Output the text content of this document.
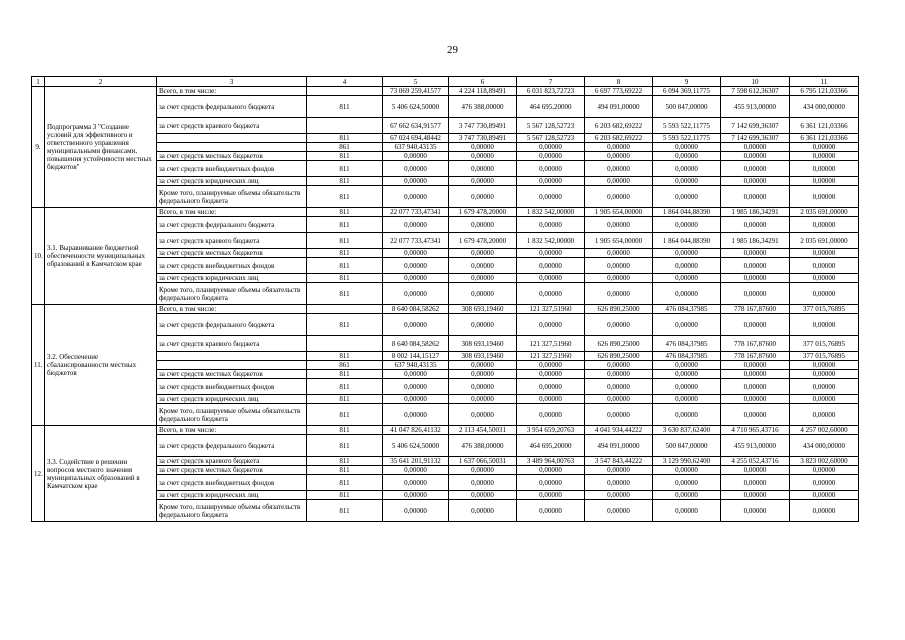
29
1	2	3	4	5	6	7	8	9	10	11
9.	Подпрограмма 3 "Создание условий для эффективного и ответственного управления муниципальными финансами, повышения устойчивости местных бюджетов"	Всего, в том числе:		73 069 259,41577	4 224 118,89491	6 031 823,72723	6 697 773,69222	6 094 369,11775	7 598 612,36307	6 795 121,03366
		за счет средств федерального бюджета	811	5 406 624,50000	476 388,00000	464 695,20000	494 091,00000	500 847,00000	455 913,00000	434 000,00000
		за счет средств краевого бюджета		67 662 634,91577	3 747 730,89491	5 567 128,52723	6 203 682,69222	5 593 522,11775	7 142 699,36307	6 361 121,03366
			811	67 024 694,48442	3 747 730,89491	5 567 128,52723	6 203 682,69222	5 593 522,11775	7 142 699,36307	6 361 121,03366
			861	637 940,43135	0,00000	0,00000	0,00000	0,00000	0,00000	0,00000
		за счет средств местных бюджетов	811	0,00000	0,00000	0,00000	0,00000	0,00000	0,00000	0,00000
		за счет средств внебюджетных фондов	811	0,00000	0,00000	0,00000	0,00000	0,00000	0,00000	0,00000
		за счет средств юридических лиц	811	0,00000	0,00000	0,00000	0,00000	0,00000	0,00000	0,00000
		Кроме того, планируемые объемы обязательств федерального бюджета	811	0,00000	0,00000	0,00000	0,00000	0,00000	0,00000	0,00000
10.	3.1. Выравнивание бюджетной обеспеченности муниципальных образований в Камчатском крае	Всего, в том числе:	811	22 077 733,47341	1 679 478,20000	1 832 542,00000	1 905 654,00000	1 864 044,88390	1 985 186,34291	2 035 691,00000
		за счет средств федерального бюджета	811	0,00000	0,00000	0,00000	0,00000	0,00000	0,00000	0,00000
		за счет средств краевого бюджета	811	22 077 733,47341	1 679 478,20000	1 832 542,00000	1 905 654,00000	1 864 044,88390	1 985 186,34291	2 035 691,00000
		за счет средств местных бюджетов	811	0,00000	0,00000	0,00000	0,00000	0,00000	0,00000	0,00000
		за счет средств внебюджетных фондов	811	0,00000	0,00000	0,00000	0,00000	0,00000	0,00000	0,00000
		за счет средств юридических лиц	811	0,00000	0,00000	0,00000	0,00000	0,00000	0,00000	0,00000
		Кроме того, планируемые объемы обязательств федерального бюджета	811	0,00000	0,00000	0,00000	0,00000	0,00000	0,00000	0,00000
11.	3.2. Обеспечение сбалансированности местных бюджетов	Всего, в том числе:		8 640 084,58262	308 693,19460	121 327,51960	626 890,25000	476 084,37985	778 167,87600	377 015,76895
		за счет средств федерального бюджета	811	0,00000	0,00000	0,00000	0,00000	0,00000	0,00000	0,00000
		за счет средств краевого бюджета		8 640 084,58262	308 693,19460	121 327,51960	626 890,25000	476 084,37985	778 167,87600	377 015,76895
			811	8 002 144,15127	308 693,19460	121 327,51960	626 890,25000	476 084,37985	778 167,87600	377 015,76895
			861	637 940,43135	0,00000	0,00000	0,00000	0,00000	0,00000	0,00000
		за счет средств местных бюджетов	811	0,00000	0,00000	0,00000	0,00000	0,00000	0,00000	0,00000
		за счет средств внебюджетных фондов	811	0,00000	0,00000	0,00000	0,00000	0,00000	0,00000	0,00000
		за счет средств юридических лиц	811	0,00000	0,00000	0,00000	0,00000	0,00000	0,00000	0,00000
		Кроме того, планируемые объемы обязательств федерального бюджета	811	0,00000	0,00000	0,00000	0,00000	0,00000	0,00000	0,00000
12.	3.3. Содействие в решении вопросов местного значения муниципальных образований в Камчатском крае	Всего, в том числе:	811	41 047 826,41132	2 113 454,50031	3 954 659,20763	4 041 934,44222	3 630 837,62400	4 710 965,43716	4 257 002,60000
		за счет средств федерального бюджета	811	5 406 624,50000	476 388,00000	464 695,20000	494 091,00000	500 847,00000	455 913,00000	434 000,00000
		за счет средств краевого бюджета	811	35 641 201,91132	1 637 066,50031	3 489 964,00763	3 547 843,44222	3 129 990,62400	4 255 052,43716	3 823 002,60000
		за счет средств местных бюджетов	811	0,00000	0,00000	0,00000	0,00000	0,00000	0,00000	0,00000
		за счет средств внебюджетных фондов	811	0,00000	0,00000	0,00000	0,00000	0,00000	0,00000	0,00000
		за счет средств юридических лиц	811	0,00000	0,00000	0,00000	0,00000	0,00000	0,00000	0,00000
		Кроме того, планируемые объемы обязательств федерального бюджета	811	0,00000	0,00000	0,00000	0,00000	0,00000	0,00000	0,00000
